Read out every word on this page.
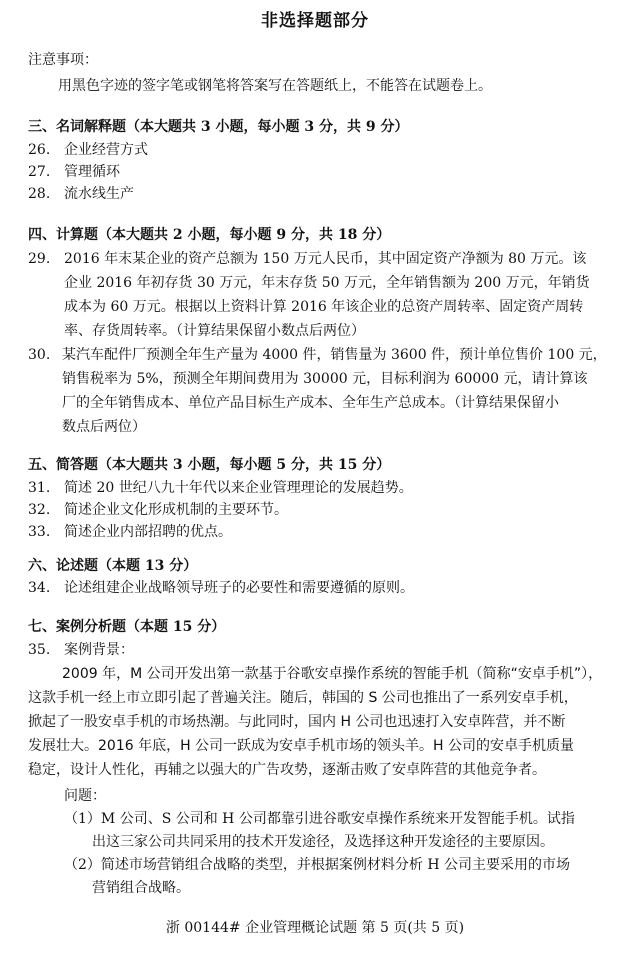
非选择题部分
注意事项：
用黑色字迹的签字笔或钢笔将答案写在答题纸上，不能答在试题卷上。
三、名词解释题（本大题共 3 小题，每小题 3 分，共 9 分）
26. 企业经营方式
27. 管理循环
28. 流水线生产
四、计算题（本大题共 2 小题，每小题 9 分，共 18 分）
29. 2016 年末某企业的资产总额为 150 万元人民币，其中固定资产净额为 80 万元。该
企业 2016 年初存货 30 万元，年末存货 50 万元，全年销售额为 200 万元，年销货
成本为 60 万元。根据以上资料计算 2016 年该企业的总资产周转率、固定资产周转
率、存货周转率。（计算结果保留小数点后两位）
30. 某汽车配件厂预测全年生产量为 4000 件，销售量为 3600 件，预计单位售价 100 元，
销售税率为 5%，预测全年期间费用为 30000 元，目标利润为 60000 元，请计算该
厂的全年销售成本、单位产品目标生产成本、全年生产总成本。（计算结果保留小
数点后两位）
五、简答题（本大题共 3 小题，每小题 5 分，共 15 分）
31. 简述 20 世纪八九十年代以来企业管理理论的发展趋势。
32. 简述企业文化形成机制的主要环节。
33. 简述企业内部招聘的优点。
六、论述题（本题 13 分）
34. 论述组建企业战略领导班子的必要性和需要遵循的原则。
七、案例分析题（本题 15 分）
35. 案例背景：
2009 年，M 公司开发出第一款基于谷歌安卓操作系统的智能手机（简称“安卓手机”），
这款手机一经上市立即引起了普遍关注。随后，韩国的 S 公司也推出了一系列安卓手机，
掀起了一股安卓手机的市场热潮。与此同时，国内 H 公司也迅速打入安卓阵营，并不断
发展壮大。2016 年底，H 公司一跃成为安卓手机市场的领头羊。H 公司的安卓手机质量
稳定，设计人性化，再辅之以强大的广告攻势，逐渐击败了安卓阵营的其他竞争者。
问题：
（1）M 公司、S 公司和 H 公司都靠引进谷歌安卓操作系统来开发智能手机。试指
出这三家公司共同采用的技术开发途径，及选择这种开发途径的主要原因。
（2）简述市场营销组合战略的类型，并根据案例材料分析 H 公司主要采用的市场
营销组合战略。
浙 00144# 企业管理概论试题 第 5 页(共 5 页)
